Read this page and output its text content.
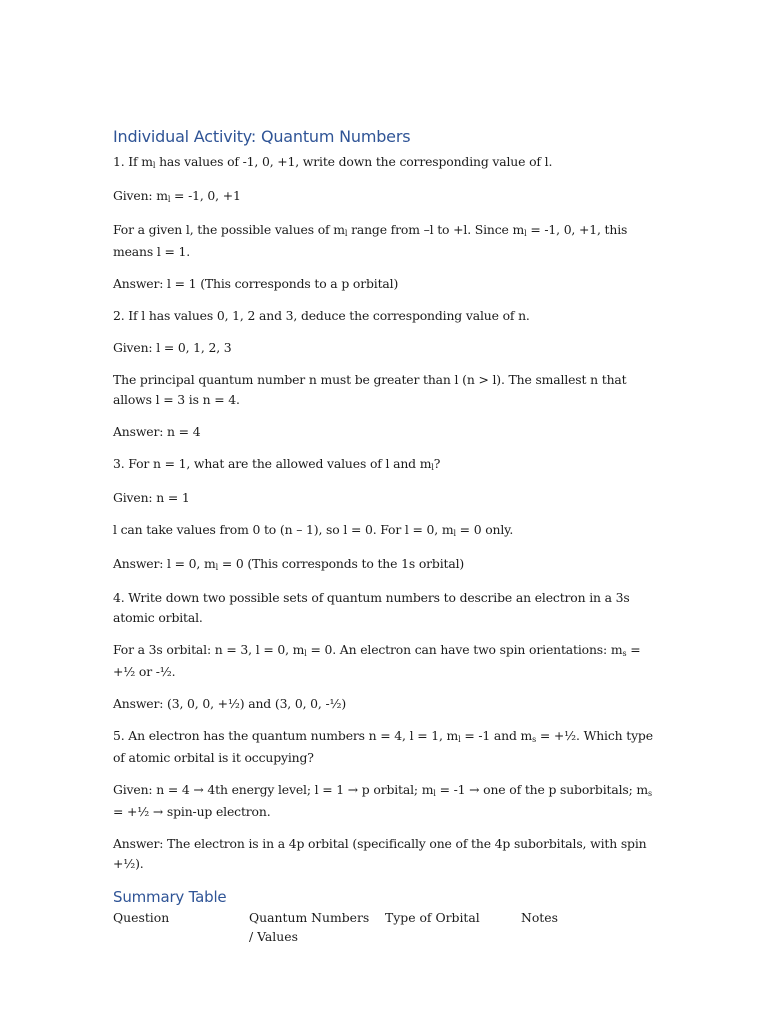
Individual Activity: Quantum Numbers

1. If ml has values of -1, 0, +1, write down the corresponding value of l.

Given: ml = -1, 0, +1

For a given l, the possible values of ml range from –l to +l. Since ml = -1, 0, +1, this means l = 1.

Answer: l = 1 (This corresponds to a p orbital)

2. If l has values 0, 1, 2 and 3, deduce the corresponding value of n.

Given: l = 0, 1, 2, 3

The principal quantum number n must be greater than l (n > l). The smallest n that allows l = 3 is n = 4.

Answer: n = 4

3. For n = 1, what are the allowed values of l and ml?

Given: n = 1

l can take values from 0 to (n – 1), so l = 0. For l = 0, ml = 0 only.

Answer: l = 0, ml = 0 (This corresponds to the 1s orbital)

4. Write down two possible sets of quantum numbers to describe an electron in a 3s atomic orbital.

For a 3s orbital: n = 3, l = 0, ml = 0. An electron can have two spin orientations: ms = +½ or -½.

Answer: (3, 0, 0, +½) and (3, 0, 0, -½)

5. An electron has the quantum numbers n = 4, l = 1, ml = -1 and ms = +½. Which type of atomic orbital is it occupying?

Given: n = 4 → 4th energy level; l = 1 → p orbital; ml = -1 → one of the p suborbitals; ms = +½ → spin-up electron.

Answer: The electron is in a 4p orbital (specifically one of the 4p suborbitals, with spin +½).

Summary Table
Question	Quantum Numbers / Values
Type of Orbital	Notes
